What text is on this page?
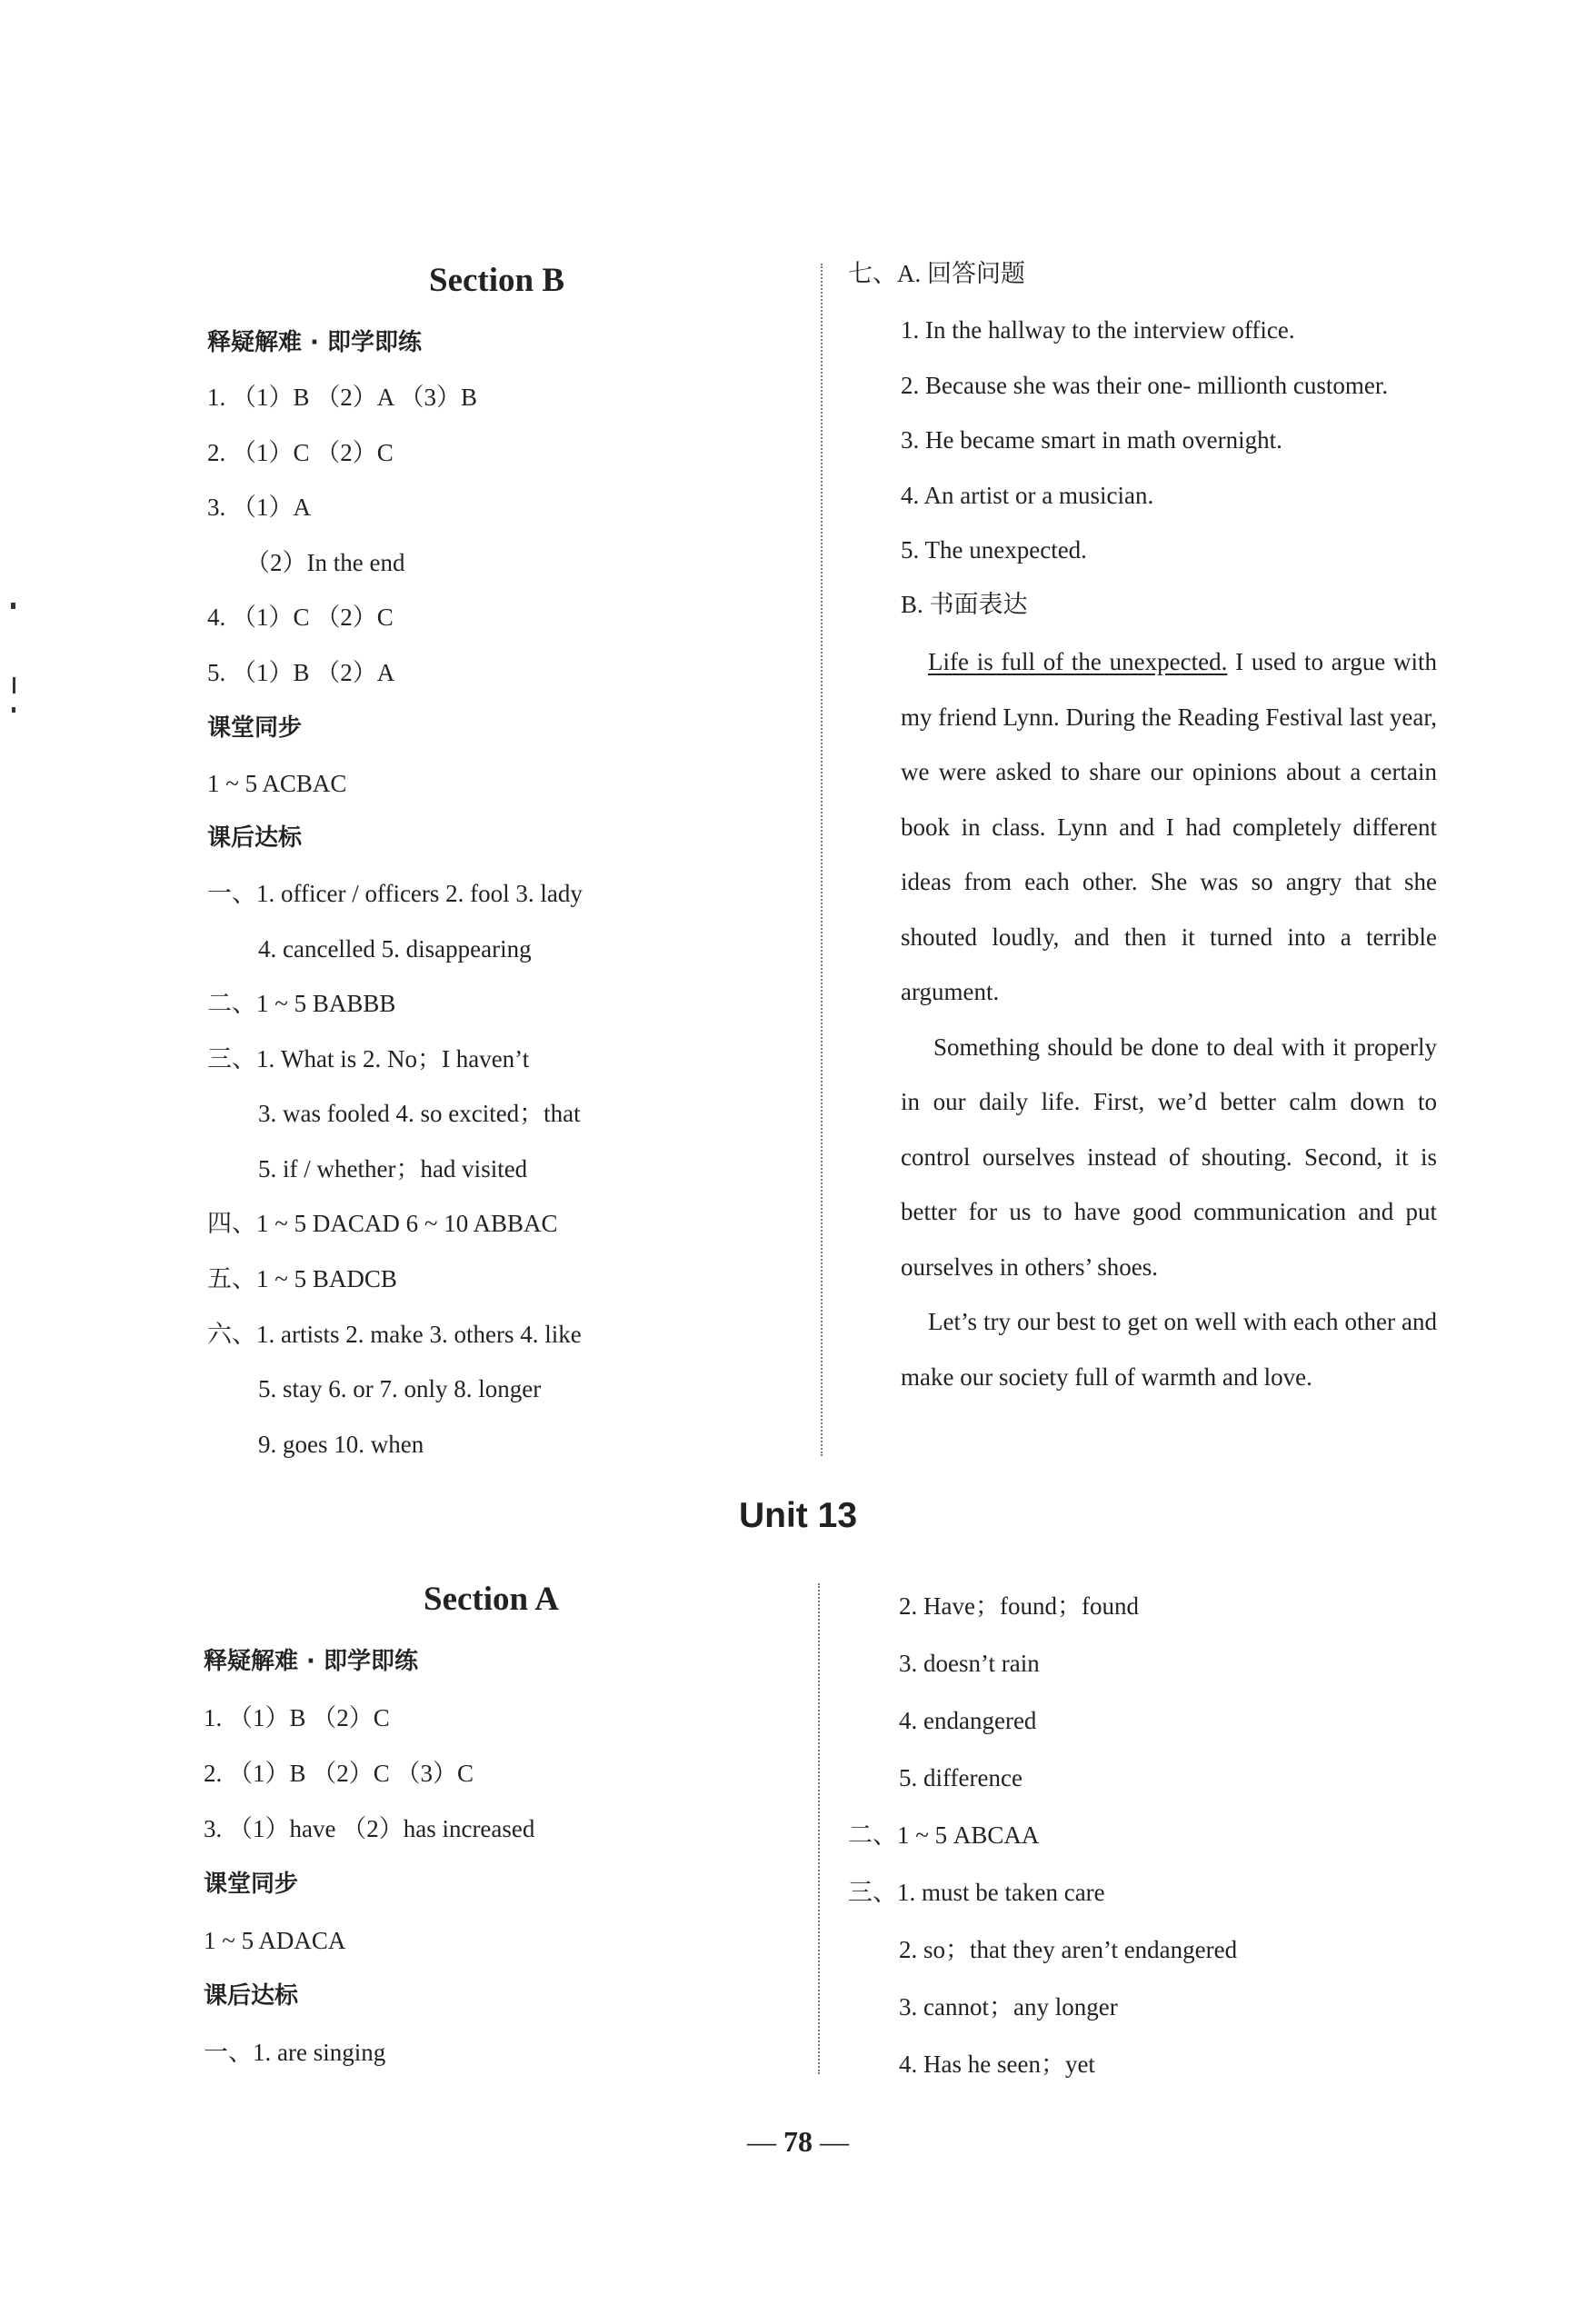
Section B
释疑解难 · 即学即练
1. （1）B （2）A （3）B
2. （1）C （2）C
3. （1）A
（2）In the end
4. （1）C （2）C
5. （1）B （2）A
课堂同步
1 ~ 5 ACBAC
课后达标
一、1. officer / officers 2. fool 3. lady
4. cancelled 5. disappearing
二、1 ~ 5 BABBB
三、1. What is 2. No；I haven’t
3. was fooled 4. so excited；that
5. if / whether；had visited
四、1 ~ 5 DACAD 6 ~ 10 ABBAC
五、1 ~ 5 BADCB
六、1. artists 2. make 3. others 4. like
5. stay 6. or 7. only 8. longer
9. goes 10. when
七、A. 回答问题
1. In the hallway to the interview office.
2. Because she was their one- millionth customer.
3. He became smart in math overnight.
4. An artist or a musician.
5. The unexpected.
B. 书面表达

Life is full of the unexpected. I used to argue with my friend Lynn. During the Reading Festival last year, we were asked to share our opinions about a certain book in class. Lynn and I had completely different ideas from each other. She was so angry that she shouted loudly, and then it turned into a terrible argument.

Something should be done to deal with it properly in our daily life. First, we’d better calm down to control ourselves instead of shouting. Second, it is better for us to have good communication and put ourselves in others’ shoes.

Let’s try our best to get on well with each other and make our society full of warmth and love.

Unit 13
Section A
释疑解难 · 即学即练
1. （1）B （2）C
2. （1）B （2）C （3）C
3. （1）have （2）has increased
课堂同步
1 ~ 5 ADACA
课后达标
一、1. are singing
2. Have；found；found
3. doesn’t rain
4. endangered
5. difference
二、1 ~ 5 ABCAA
三、1. must be taken care
2. so；that they aren’t endangered
3. cannot；any longer
4. Has he seen；yet
— 78 —
